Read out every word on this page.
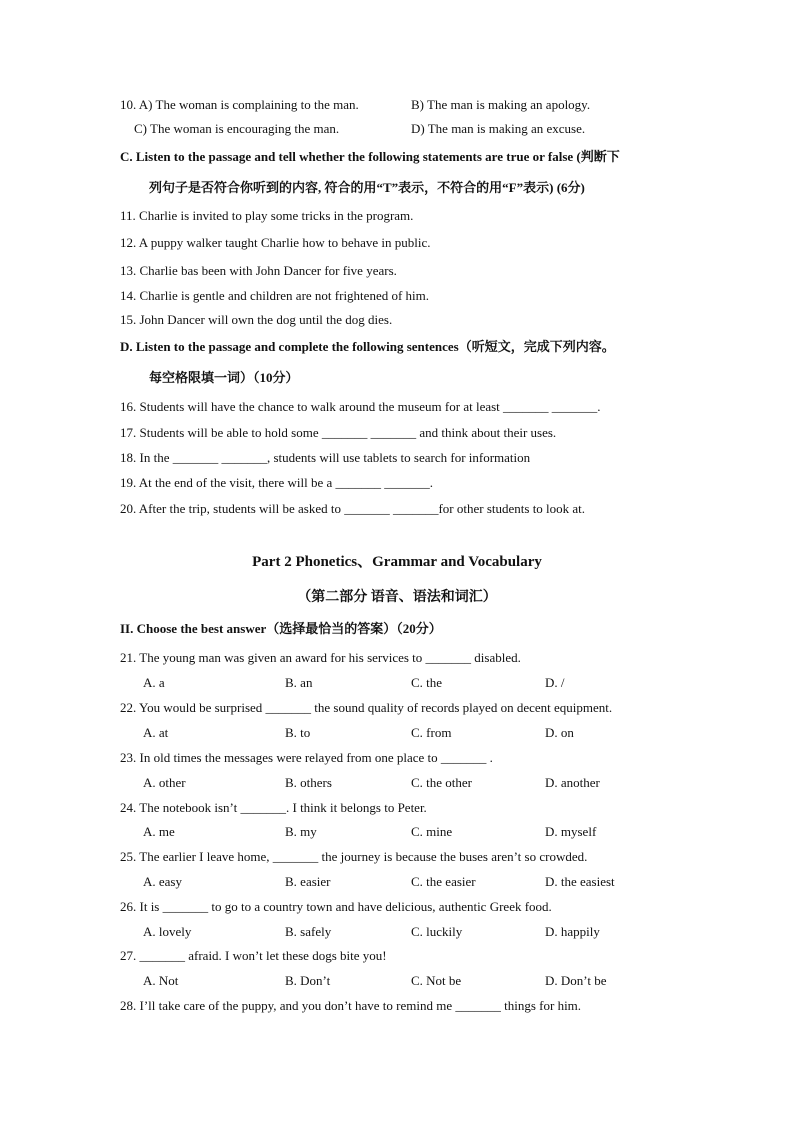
10. A) The woman is complaining to the man.	B) The man is making an apology.
C) The woman is encouraging the man.	D) The man is making an excuse.
C. Listen to the passage and tell whether the following statements are true or false (判断下
列句子是否符合你听到的内容, 符合的用“T”表示，不符合的用“F”表示) (6分)
11. Charlie is invited to play some tricks in the program.
12. A puppy walker taught Charlie how to behave in public.
13. Charlie bas been with John Dancer for five years.
14. Charlie is gentle and children are not frightened of him.
15. John Dancer will own the dog until the dog dies.
D. Listen to the passage and complete the following sentences（听短文，完成下列内容。
每空格限填一词）（10分）
16. Students will have the chance to walk around the museum for at least _______ _______.
17. Students will be able to hold some _______ _______ and think about their uses.
18. In the _______ _______, students will use tablets to search for information
19. At the end of the visit, there will be a _______ _______.
20. After the trip, students will be asked to _______ _______for other students to look at.
Part 2 Phonetics、Grammar and Vocabulary
（第二部分 语音、语法和词汇）
II. Choose the best answer（选择最恰当的答案）（20分）
21. The young man was given an award for his services to _______ disabled.
A. a	B. an	C. the	D. /
22. You would be surprised _______ the sound quality of records played on decent equipment.
A. at	B. to	C. from	D. on
23. In old times the messages were relayed from one place to _______ .
A. other	B. others	C. the other	D. another
24. The notebook isn’t _______. I think it belongs to Peter.
A. me	B. my	C. mine	D. myself
25. The earlier I leave home, _______ the journey is because the buses aren’t so crowded.
A. easy	B. easier	C. the easier	D. the easiest
26. It is _______ to go to a country town and have delicious, authentic Greek food.
A. lovely	B. safely	C. luckily	D. happily
27. _______ afraid. I won’t let these dogs bite you!
A. Not	B. Don’t	C. Not be	D. Don’t be
28. I’ll take care of the puppy, and you don’t have to remind me _______ things for him.
